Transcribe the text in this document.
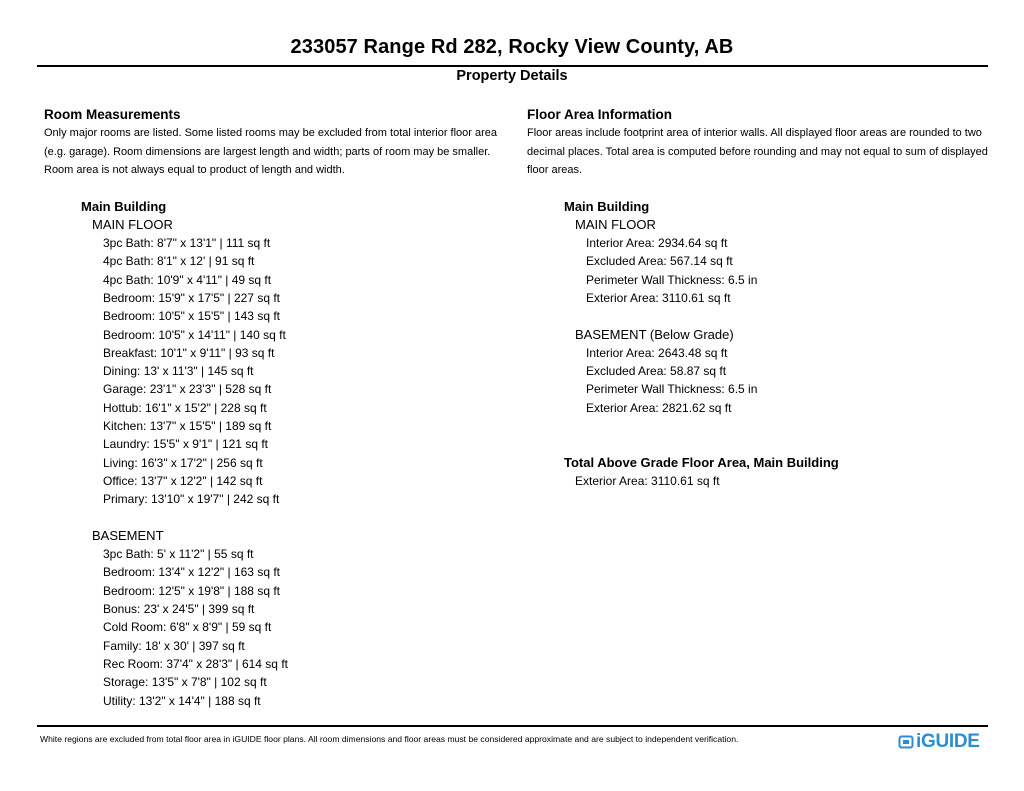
233057 Range Rd 282, Rocky View County, AB
Property Details
Room Measurements
Only major rooms are listed. Some listed rooms may be excluded from total interior floor area (e.g. garage). Room dimensions are largest length and width; parts of room may be smaller. Room area is not always equal to product of length and width.
Main Building
MAIN FLOOR
3pc Bath: 8'7" x 13'1" | 111 sq ft
4pc Bath: 8'1" x 12' | 91 sq ft
4pc Bath: 10'9" x 4'11" | 49 sq ft
Bedroom: 15'9" x 17'5" | 227 sq ft
Bedroom: 10'5" x 15'5" | 143 sq ft
Bedroom: 10'5" x 14'11" | 140 sq ft
Breakfast: 10'1" x 9'11" | 93 sq ft
Dining: 13' x 11'3" | 145 sq ft
Garage: 23'1" x 23'3" | 528 sq ft
Hottub: 16'1" x 15'2" | 228 sq ft
Kitchen: 13'7" x 15'5" | 189 sq ft
Laundry: 15'5" x 9'1" | 121 sq ft
Living: 16'3" x 17'2" | 256 sq ft
Office: 13'7" x 12'2" | 142 sq ft
Primary: 13'10" x 19'7" | 242 sq ft
BASEMENT
3pc Bath: 5' x 11'2" | 55 sq ft
Bedroom: 13'4" x 12'2" | 163 sq ft
Bedroom: 12'5" x 19'8" | 188 sq ft
Bonus: 23' x 24'5" | 399 sq ft
Cold Room: 6'8" x 8'9" | 59 sq ft
Family: 18' x 30' | 397 sq ft
Rec Room: 37'4" x 28'3" | 614 sq ft
Storage: 13'5" x 7'8" | 102 sq ft
Utility: 13'2" x 14'4" | 188 sq ft
Floor Area Information
Floor areas include footprint area of interior walls. All displayed floor areas are rounded to two decimal places. Total area is computed before rounding and may not equal to sum of displayed floor areas.
Main Building
MAIN FLOOR
Interior Area: 2934.64 sq ft
Excluded Area: 567.14 sq ft
Perimeter Wall Thickness: 6.5 in
Exterior Area: 3110.61 sq ft
BASEMENT (Below Grade)
Interior Area: 2643.48 sq ft
Excluded Area: 58.87 sq ft
Perimeter Wall Thickness: 6.5 in
Exterior Area: 2821.62 sq ft
Total Above Grade Floor Area, Main Building
Exterior Area: 3110.61 sq ft
White regions are excluded from total floor area in iGUIDE floor plans. All room dimensions and floor areas must be considered approximate and are subject to independent verification.	iGUIDE
